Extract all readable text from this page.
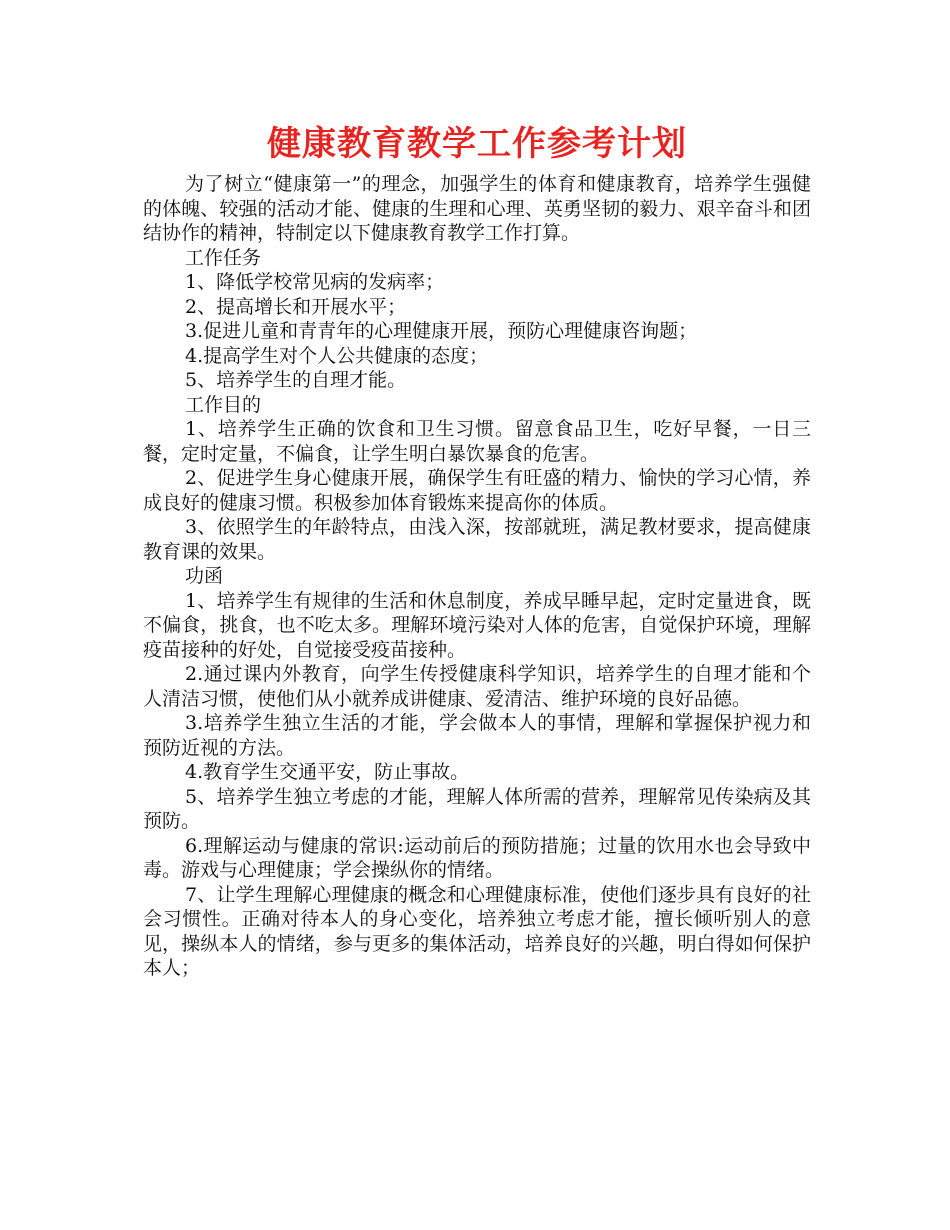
健康教育教学工作参考计划

为了树立“健康第一”的理念，加强学生的体育和健康教育，培养学生强健的体魄、较强的活动才能、健康的生理和心理、英勇坚韧的毅力、艰辛奋斗和团结协作的精神，特制定以下健康教育教学工作打算。

工作任务

1、降低学校常见病的发病率；

2、提高增长和开展水平；

3.促进儿童和青青年的心理健康开展，预防心理健康咨询题；

4.提高学生对个人公共健康的态度；

5、培养学生的自理才能。

工作目的

1、培养学生正确的饮食和卫生习惯。留意食品卫生，吃好早餐，一日三餐，定时定量，不偏食，让学生明白暴饮暴食的危害。

2、促进学生身心健康开展，确保学生有旺盛的精力、愉快的学习心情，养成良好的健康习惯。积极参加体育锻炼来提高你的体质。

3、依照学生的年龄特点，由浅入深，按部就班，满足教材要求，提高健康教育课的效果。

功函

1、培养学生有规律的生活和休息制度，养成早睡早起，定时定量进食，既不偏食，挑食，也不吃太多。理解环境污染对人体的危害，自觉保护环境，理解疫苗接种的好处，自觉接受疫苗接种。

2.通过课内外教育，向学生传授健康科学知识，培养学生的自理才能和个人清洁习惯，使他们从小就养成讲健康、爱清洁、维护环境的良好品德。

3.培养学生独立生活的才能，学会做本人的事情，理解和掌握保护视力和预防近视的方法。

4.教育学生交通平安，防止事故。

5、培养学生独立考虑的才能，理解人体所需的营养，理解常见传染病及其预防。

6.理解运动与健康的常识:运动前后的预防措施；过量的饮用水也会导致中毒。游戏与心理健康；学会操纵你的情绪。

7、让学生理解心理健康的概念和心理健康标准，使他们逐步具有良好的社会习惯性。正确对待本人的身心变化，培养独立考虑才能，擅长倾听别人的意见，操纵本人的情绪，参与更多的集体活动，培养良好的兴趣，明白得如何保护本人；
